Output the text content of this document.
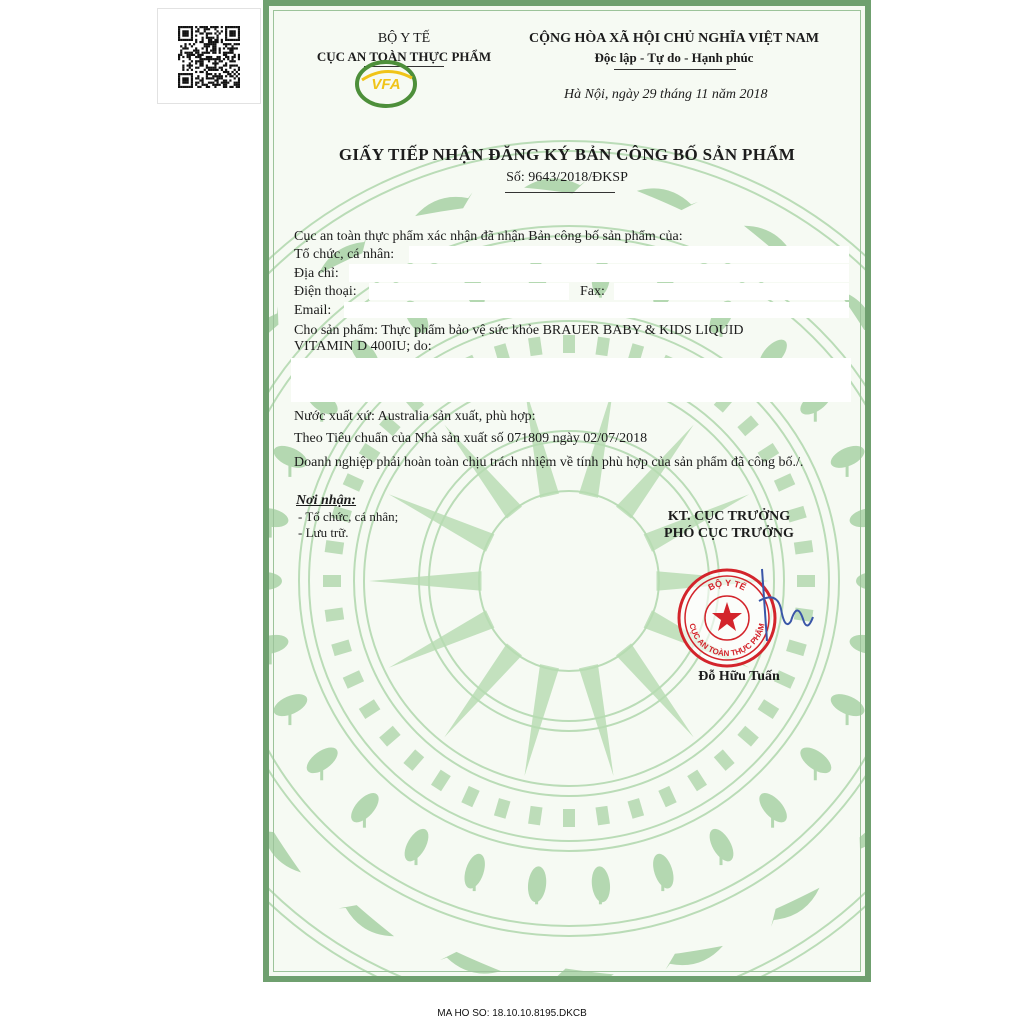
BỘ Y TẾ
CỤC AN TOÀN THỰC PHẨM
VFA
CỘNG HÒA XÃ HỘI CHỦ NGHĨA VIỆT NAM
Độc lập - Tự do - Hạnh phúc
Hà Nội, ngày 29 tháng 11 năm 2018
GIẤY TIẾP NHẬN ĐĂNG KÝ BẢN CÔNG BỐ SẢN PHẨM
Số: 9643/2018/ĐKSP
Cục an toàn thực phẩm xác nhận đã nhận Bản công bố sản phẩm của:
Tổ chức, cá nhân:
Địa chỉ:
Điện thoại:	Fax:
Email:
Cho sản phẩm: Thực phẩm bảo vệ sức khỏe BRAUER BABY & KIDS LIQUID
VITAMIN D 400IU; do:
Nước xuất xứ: Australia sản xuất, phù hợp:
Theo Tiêu chuẩn của Nhà sản xuất số 071809 ngày 02/07/2018
Doanh nghiệp phải hoàn toàn chịu trách nhiệm về tính phù hợp của sản phẩm đã công bố./.
Nơi nhận:
- Tổ chức, cá nhân;
- Lưu trữ.
KT. CỤC TRƯỞNG
PHÓ CỤC TRƯỞNG
BỘ Y TẾ
CỤC AN TOÀN THỰC PHẨM
Đỗ Hữu Tuấn
MA HO SO: 18.10.10.8195.DKCB
